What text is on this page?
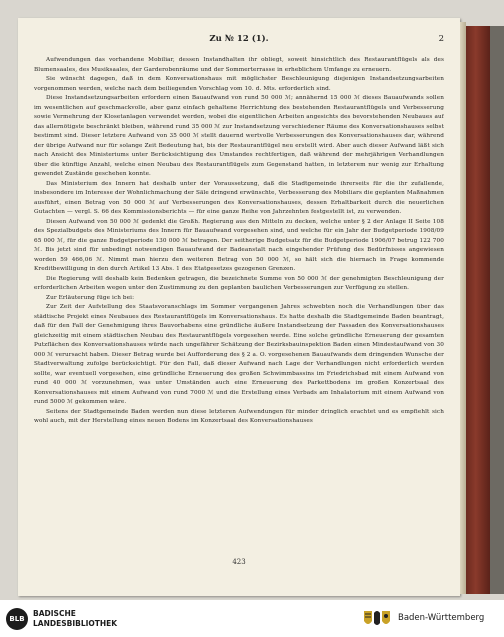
Zu № 12 (1).	2

Aufwendungen das vorhandene Mobiliar, dessen Instandhalten ihr obliegt, soweit hinsichtlich des Restaurantflügels als des Blumensaales, des Musiksaales, der Garderobenräume und der Sommerterrasse in erheblichem Umfange zu erneuern.

Sie wünscht dagegen, daß in dem Konversationshaus mit möglichster Beschleunigung diejenigen Instandsetzungsarbeiten vorgenommen werden, welche nach dem beiliegenden Vorschlag vom 10. d. Mts. erforderlich sind.

Diese Instandsetzungsarbeiten erfordern einen Bauaufwand von rund 50 000 ℳ; annähernd 15 000 ℳ dieses Bauaufwands sollen im wesentlichen auf geschmackvolle, aber ganz einfach gehaltene Herrichtung des bestehenden Restaurantflügels und Verbesserung sowie Vermehrung der Klosetanlagen verwendet werden, wobei die eigentlichen Arbeiten angesichts des bevorstehenden Neubaues auf das allernötigste beschränkt bleiben, während rund 35 000 ℳ zur Instandsetzung verschiedener Räume des Konversationshauses selbst bestimmt sind. Dieser letztere Aufwand von 35 000 ℳ stellt dauernd wertvolle Verbesserungen des Konversationshauses dar, während der übrige Aufwand nur für solange Zeit Bedeutung hat, bis der Restaurantflügel neu erstellt wird. Aber auch dieser Aufwand läßt sich nach Ansicht des Ministeriums unter Berücksichtigung des Umstandes rechtfertigen, daß während der mehrjährigen Verhandlungen über die künftige Anzahl, welche einen Neubau des Restaurantflügels zum Gegenstand hatten, in letzterem nur wenig zur Erhaltung gewendet Zustände geschehen konnte.

Das Ministerium des Innern hat deshalb unter der Voraussetzung, daß die Stadtgemeinde ihrerseits für die ihr zufallende, insbesondere im Interesse der Wohnlichmachung der Säle dringend erwünschte, Verbesserung des Mobiliars die geplanten Maßnahmen ausführt, einen Betrag von 50 000 ℳ auf Verbesserungen des Konversationshauses, dessen Erhaltbarkeit durch die neuerlichen Gutachten — vergl. S. 66 des Kommissionsberichts — für eine ganze Reihe von Jahrzehnten festgestellt ist, zu verwenden.

Diesen Aufwand von 50 000 ℳ gedenkt die Großh. Regierung aus den Mitteln zu decken, welche unter § 2 der Anlage II Seite 108 des Spezialbudgets des Ministeriums des Innern für Bauaufwand vorgesehen sind, und welche für ein Jahr der Budgetperiode 1908/09 65 000 ℳ, für die ganze Budgetperiode 130 000 ℳ betragen. Der seitherige Budgetsatz für die Budgetperiode 1906/07 betrug 122 700 ℳ. Bis jetzt sind für unbedingt notwendigen Bauaufwand der Badeanstalt nach eingehender Prüfung des Bedürfnisses angewiesen worden 59 466,06 ℳ. Nimmt man hierzu den weiteren Betrag von 50 000 ℳ, so hält sich die hiernach in Frage kommende Kreditbewilligung in den durch Artikel 13 Abs. 1 des Etatgesetzes gezogenen Grenzen.

Die Regierung will deshalb kein Bedenken getragen, die bezeichnete Summe von 50 000 ℳ der genehmigten Beschleunigung der erforderlichen Arbeiten wegen unter den Zustimmung zu den geplanten baulichen Verbesserungen zur Verfügung zu stellen.

Zur Erläuterung füge ich bei:

Zur Zeit der Aufstellung des Staatsvoranschlags im Sommer vergangenen Jahres schwebten noch die Verhandlungen über das städtische Projekt eines Neubaues des Restaurantflügels im Konversationshaus. Es hatte deshalb die Stadtgemeinde Baden beantragt, daß für den Fall der Genehmigung ihres Bauvorhabens eine gründliche äußere Instandsetzung der Fassaden des Konversationshauses gleichzeitig mit einem städtischen Neubau des Restaurantflügels vorgesehen werde. Eine solche gründliche Erneuerung der gesamten Putzflächen des Konversationshauses würde nach ungefährer Schätzung der Bezirksbauinspektion Baden einen Mindestaufwand von 30 000 ℳ verursacht haben. Dieser Betrag wurde bei Aufforderung des § 2 a. O. vorgesehenen Bauaufwands dem dringenden Wunsche der Stadtverwaltung zufolge berücksichtigt. Für den Fall, daß dieser Aufwand nach Lage der Verhandlungen nicht erforderlich werden sollte, war eventuell vorgesehen, eine gründliche Erneuerung des großen Schwimmbassins im Friedrichsbad mit einem Aufwand von rund 40 000 ℳ vorzunehmen, was unter Umständen auch eine Erneuerung des Parkettbodens im großen Konzertsaal des Konversationshauses mit einem Aufwand von rund 7000 ℳ und die Erstellung eines Verbads am Inhalatorium mit einem Aufwand von rund 5000 ℳ gekommen wäre.

Seitens der Stadtgemeinde Baden werden nun diese letzteren Aufwendungen für minder dringlich erachtet und es empfiehlt sich wohl auch, mit der Herstellung eines neuen Bodens im Konzertsaal des Konversationshauses

423
BLB
BADISCHE
LANDESBIBLIOTHEK
Baden-Württemberg
